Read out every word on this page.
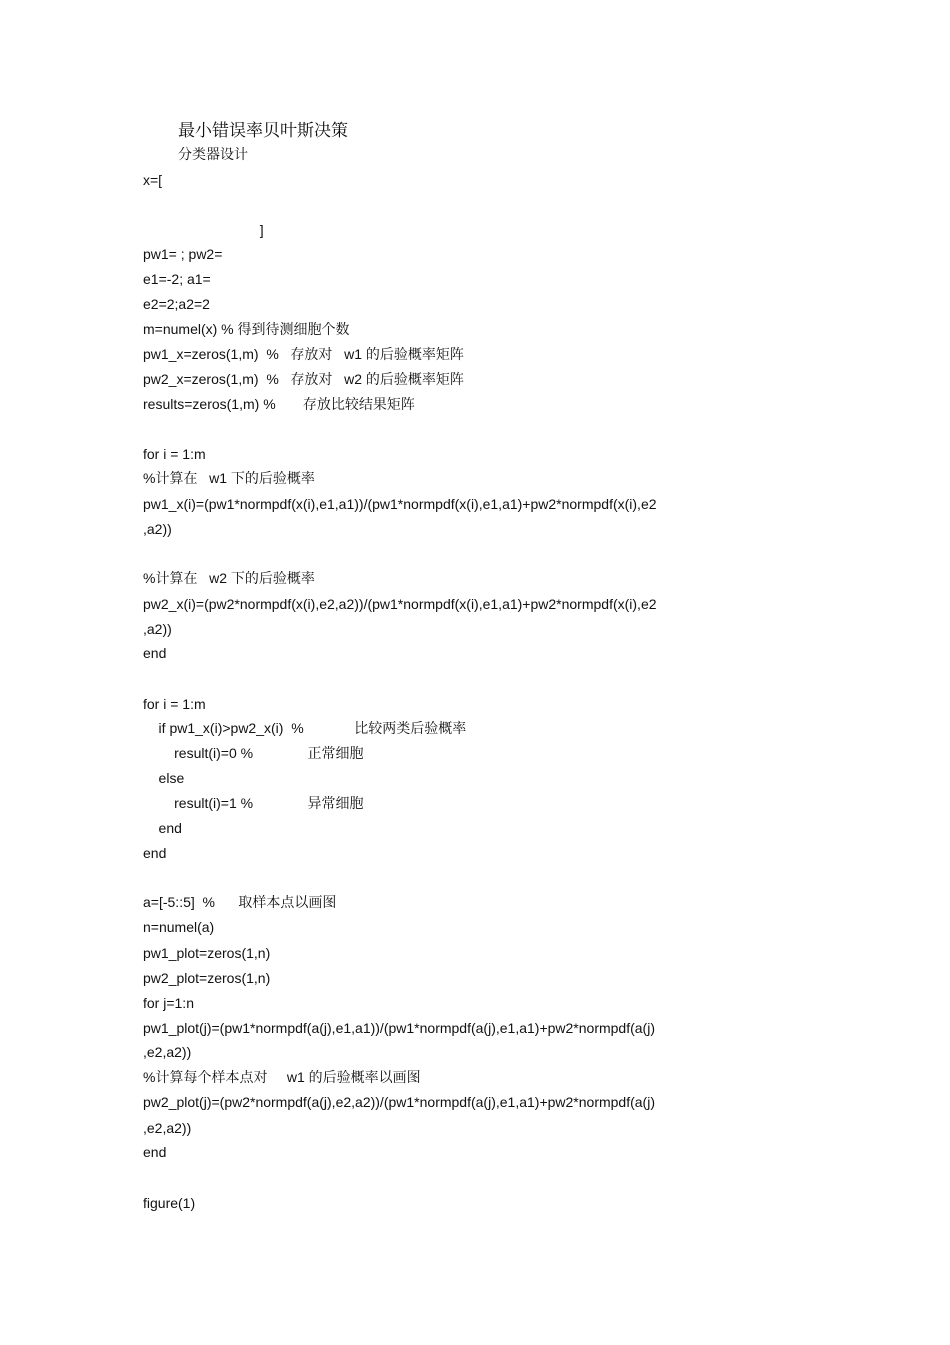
最小错误率贝叶斯决策
分类器设计
x=[
]
pw1= ; pw2=
e1=-2; a1=
e2=2;a2=2
m=numel(x) % 得到待测细胞个数
pw1_x=zeros(1,m)  %   存放对   w1 的后验概率矩阵
pw2_x=zeros(1,m)  %   存放对   w2 的后验概率矩阵
results=zeros(1,m) %       存放比较结果矩阵
for i = 1:m
%计算在   w1 下的后验概率
pw1_x(i)=(pw1*normpdf(x(i),e1,a1))/(pw1*normpdf(x(i),e1,a1)+pw2*normpdf(x(i),e2
,a2))
%计算在   w2 下的后验概率
pw2_x(i)=(pw2*normpdf(x(i),e2,a2))/(pw1*normpdf(x(i),e1,a1)+pw2*normpdf(x(i),e2
,a2))
end
for i = 1:m
if pw1_x(i)>pw2_x(i)  %             比较两类后验概率
result(i)=0 %              正常细胞
else
result(i)=1 %              异常细胞
end
end
a=[-5::5]  %      取样本点以画图
n=numel(a)
pw1_plot=zeros(1,n)
pw2_plot=zeros(1,n)
for j=1:n
pw1_plot(j)=(pw1*normpdf(a(j),e1,a1))/(pw1*normpdf(a(j),e1,a1)+pw2*normpdf(a(j)
,e2,a2))
%计算每个样本点对     w1 的后验概率以画图
pw2_plot(j)=(pw2*normpdf(a(j),e2,a2))/(pw1*normpdf(a(j),e1,a1)+pw2*normpdf(a(j)
,e2,a2))
end
figure(1)
